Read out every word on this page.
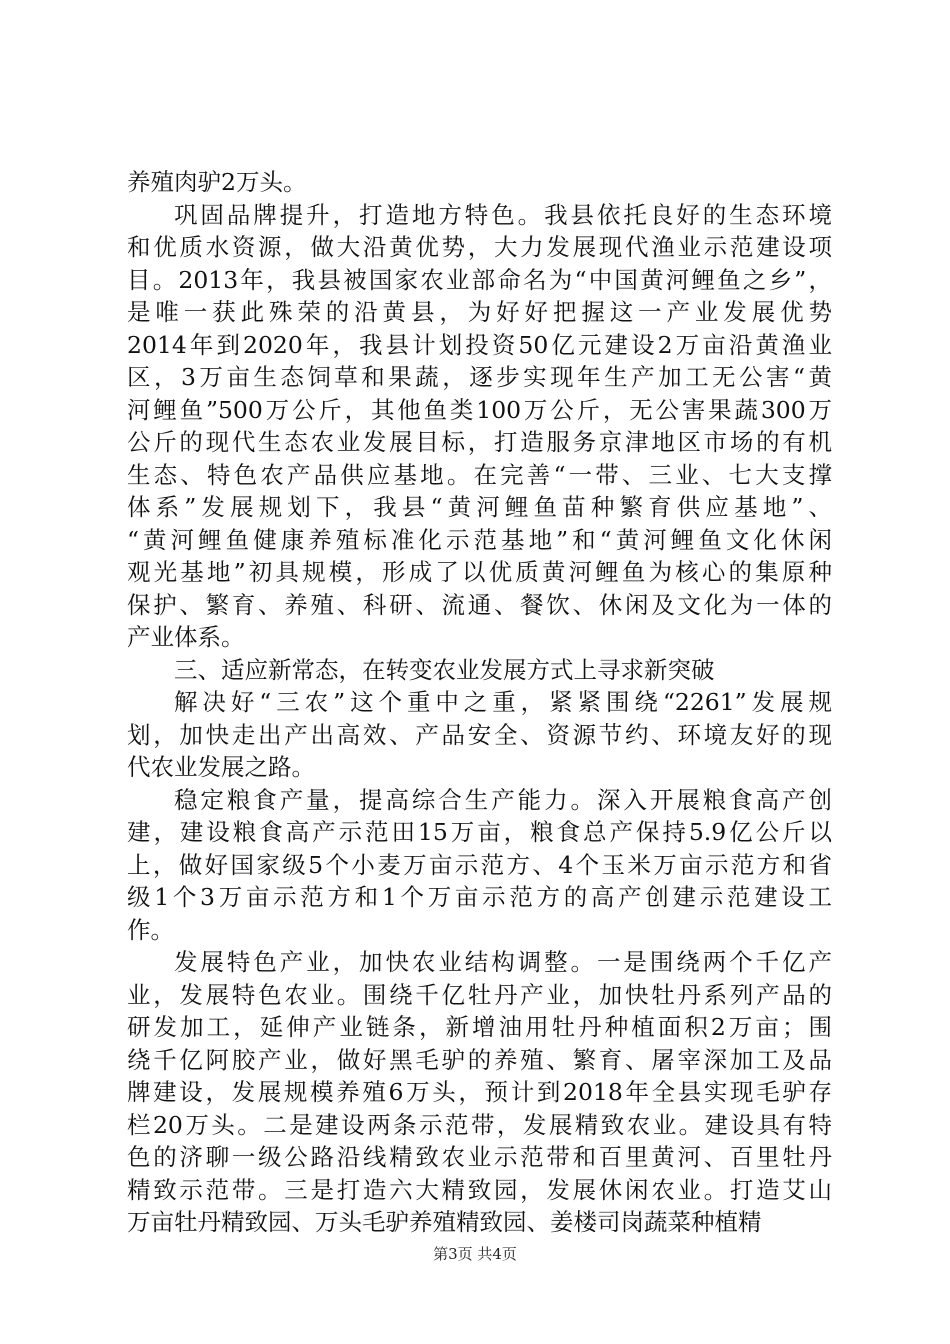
养殖肉驴2万头。
巩固品牌提升，打造地方特色。我县依托良好的生态环境
和优质水资源，做大沿黄优势，大力发展现代渔业示范建设项
目。2013年，我县被国家农业部命名为“中国黄河鲤鱼之乡”，
是唯一获此殊荣的沿黄县，为好好把握这一产业发展优势
2014年到2020年，我县计划投资50亿元建设2万亩沿黄渔业
区，3万亩生态饲草和果蔬，逐步实现年生产加工无公害“黄
河鲤鱼”500万公斤，其他鱼类100万公斤，无公害果蔬300万
公斤的现代生态农业发展目标，打造服务京津地区市场的有机
生态、特色农产品供应基地。在完善“一带、三业、七大支撑
体系”发展规划下，我县“黄河鲤鱼苗种繁育供应基地”、
“黄河鲤鱼健康养殖标准化示范基地”和“黄河鲤鱼文化休闲
观光基地”初具规模，形成了以优质黄河鲤鱼为核心的集原种
保护、繁育、养殖、科研、流通、餐饮、休闲及文化为一体的
产业体系。
三、适应新常态，在转变农业发展方式上寻求新突破
解决好“三农”这个重中之重，紧紧围绕“2261”发展规
划，加快走出产出高效、产品安全、资源节约、环境友好的现
代农业发展之路。
稳定粮食产量，提高综合生产能力。深入开展粮食高产创
建，建设粮食高产示范田15万亩，粮食总产保持5.9亿公斤以
上，做好国家级5个小麦万亩示范方、4个玉米万亩示范方和省
级1个3万亩示范方和1个万亩示范方的高产创建示范建设工
作。
发展特色产业，加快农业结构调整。一是围绕两个千亿产
业，发展特色农业。围绕千亿牡丹产业，加快牡丹系列产品的
研发加工，延伸产业链条，新增油用牡丹种植面积2万亩；围
绕千亿阿胶产业，做好黑毛驴的养殖、繁育、屠宰深加工及品
牌建设，发展规模养殖6万头，预计到2018年全县实现毛驴存
栏20万头。二是建设两条示范带，发展精致农业。建设具有特
色的济聊一级公路沿线精致农业示范带和百里黄河、百里牡丹
精致示范带。三是打造六大精致园，发展休闲农业。打造艾山
万亩牡丹精致园、万头毛驴养殖精致园、姜楼司岗蔬菜种植精
第3页 共4页
